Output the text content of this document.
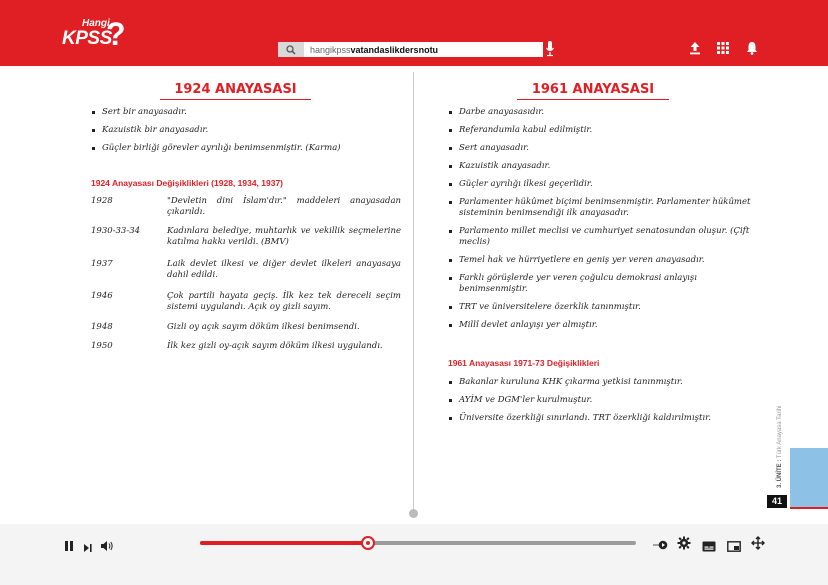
Hangi
KPSS
?	hangikpssvatandaslikdersnotu
1924 ANAYASASI
Sert bir anayasadır.
Kazuistik bir anayasadır.
Güçler birliği görevler ayrılığı benimsenmiştir. (Karma)
1924 Anayasası Değişiklikleri (1928, 1934, 1937)
1928	"Devletin dini İslam'dır." maddeleri anayasadan çıkarıldı.
1930-33-34	Kadınlara belediye, muhtarlık ve vekillik seçmelerine katılma hakkı verildi. (BMV)
1937	Laik devlet ilkesi ve diğer devlet ilkeleri anayasaya dahil edildi.
1946	Çok partili hayata geçiş. İlk kez tek dereceli seçim sistemi uygulandı. Açık oy gizli sayım.
1948	Gizli oy açık sayım döküm ilkesi benimsendi.
1950	İlk kez gizli oy-açık sayım döküm ilkesi uygulandı.
1961 ANAYASASI
Darbe anayasasıdır.
Referandumla kabul edilmiştir.
Sert anayasadır.
Kazuistik anayasadır.
Güçler ayrılığı ilkesi geçerlidir.
Parlamenter hükûmet biçimi benimsenmiştir. Parlamenter hükûmet sisteminin benimsendiği ilk anayasadır.
Parlamento millet meclisi ve cumhuriyet senatosundan oluşur. (Çift meclis)
Temel hak ve hürriyetlere en geniş yer veren anayasadır.
Farklı görüşlerde yer veren çoğulcu demokrasi anlayışı benimsenmiştir.
TRT ve üniversitelere özerklik tanınmıştır.
Millî devlet anlayışı yer almıştır.
1961 Anayasası 1971-73 Değişiklikleri
Bakanlar kuruluna KHK çıkarma yetkisi tanınmıştır.
AYİM ve DGM'ler kurulmuştur.
Üniversite özerkliği sınırlandı. TRT özerkliği kaldırılmıştır.
3. ÜNİTE : Türk Anayasa Tarihi
41
